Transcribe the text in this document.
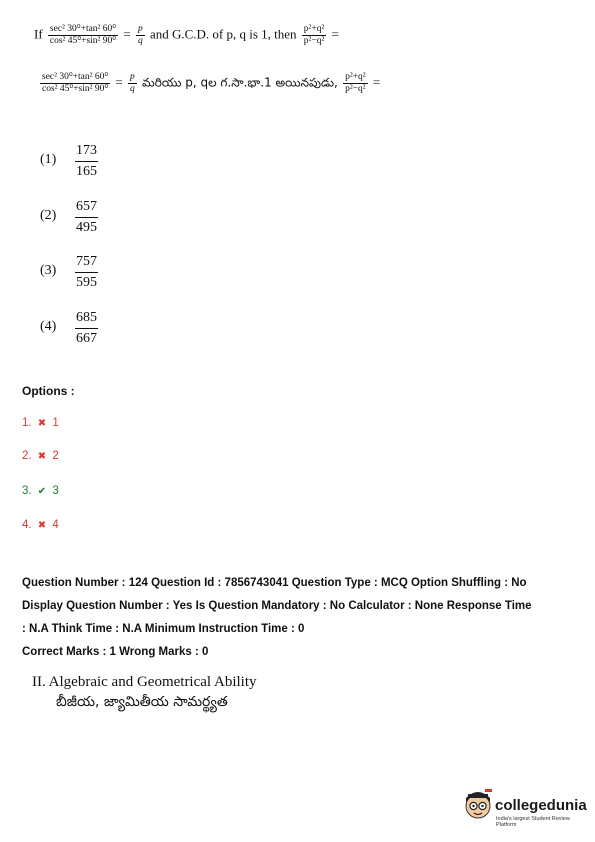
If $\frac{\text{sec² 30⁰+tan² 60⁰}}{\text{cos² 45⁰+sin² 90⁰}} = \frac{p}{q}$ and G.C.D. of p, q is 1, then $\frac{\text{p²+q²}}{\text{p²−q²}}$ =
$\frac{\text{sec² 30⁰+tan² 60⁰}}{\text{cos² 45⁰+sin² 90⁰}} = \frac{p}{q}$ మరియు p, qల గ.సా.భా.1 అయినపుడు, $\frac{\text{p²+q²}}{\text{p²−q²}}$ =
$(1) \frac{173}{165}$
$(2) \frac{657}{495}$
$(3) \frac{757}{595}$
$(4) \frac{685}{667}$
Options :
1. ✖ 1
2. ✖ 2
3. ✔ 3
4. ✖ 4
Question Number : 124 Question Id : 7856743041 Question Type : MCQ Option Shuffling : No
Display Question Number : Yes Is Question Mandatory : No Calculator : None Response Time
: N.A Think Time : N.A Minimum Instruction Time : 0
Correct Marks : 1 Wrong Marks : 0
II. Algebraic and Geometrical Ability
బీజీయ, జ్యామితీయ సామర్థ్యత
collegedunia
India's largest Student Review Platform
